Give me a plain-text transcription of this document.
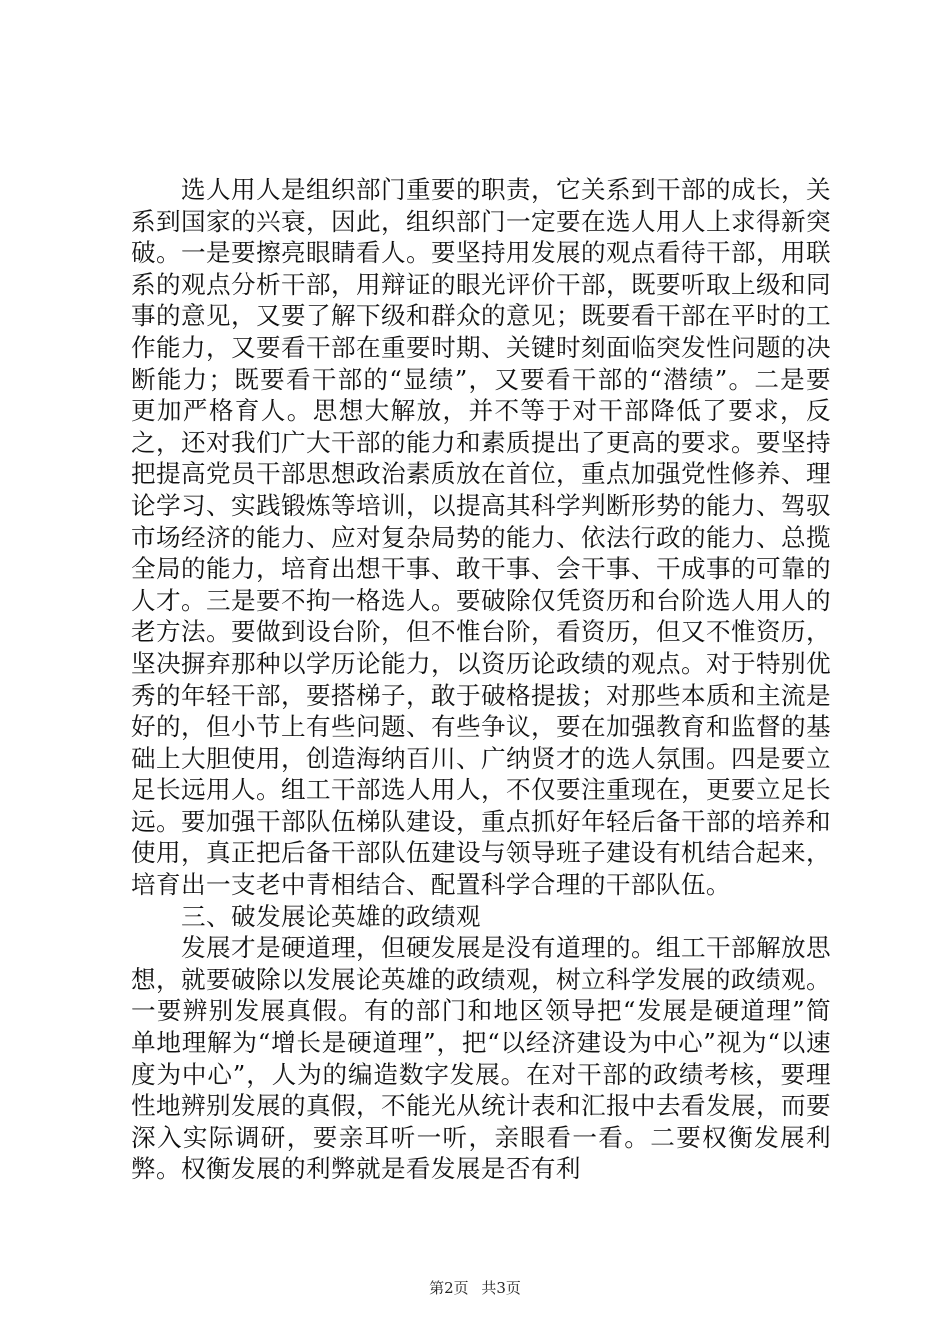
选人用人是组织部门重要的职责，它关系到干部的成长，关系到国家的兴衰，因此，组织部门一定要在选人用人上求得新突破。一是要擦亮眼睛看人。要坚持用发展的观点看待干部，用联系的观点分析干部，用辩证的眼光评价干部，既要听取上级和同事的意见，又要了解下级和群众的意见；既要看干部在平时的工作能力，又要看干部在重要时期、关键时刻面临突发性问题的决断能力；既要看干部的“显绩”，又要看干部的“潜绩”。二是要更加严格育人。思想大解放，并不等于对干部降低了要求，反之，还对我们广大干部的能力和素质提出了更高的要求。要坚持把提高党员干部思想政治素质放在首位，重点加强党性修养、理论学习、实践锻炼等培训，以提高其科学判断形势的能力、驾驭市场经济的能力、应对复杂局势的能力、依法行政的能力、总揽全局的能力，培育出想干事、敢干事、会干事、干成事的可靠的人才。三是要不拘一格选人。要破除仅凭资历和台阶选人用人的老方法。要做到设台阶，但不惟台阶，看资历，但又不惟资历，坚决摒弃那种以学历论能力，以资历论政绩的观点。对于特别优秀的年轻干部，要搭梯子，敢于破格提拔；对那些本质和主流是好的，但小节上有些问题、有些争议，要在加强教育和监督的基础上大胆使用，创造海纳百川、广纳贤才的选人氛围。四是要立足长远用人。组工干部选人用人，不仅要注重现在，更要立足长远。要加强干部队伍梯队建设，重点抓好年轻后备干部的培养和使用，真正把后备干部队伍建设与领导班子建设有机结合起来，培育出一支老中青相结合、配置科学合理的干部队伍。

三、破发展论英雄的政绩观

发展才是硬道理，但硬发展是没有道理的。组工干部解放思想，就要破除以发展论英雄的政绩观，树立科学发展的政绩观。一要辨别发展真假。有的部门和地区领导把“发展是硬道理”简单地理解为“增长是硬道理”，把“以经济建设为中心”视为“以速度为中心”，人为的编造数字发展。在对干部的政绩考核，要理性地辨别发展的真假，不能光从统计表和汇报中去看发展，而要深入实际调研，要亲耳听一听，亲眼看一看。二要权衡发展利弊。权衡发展的利弊就是看发展是否有利

第2页 共3页
